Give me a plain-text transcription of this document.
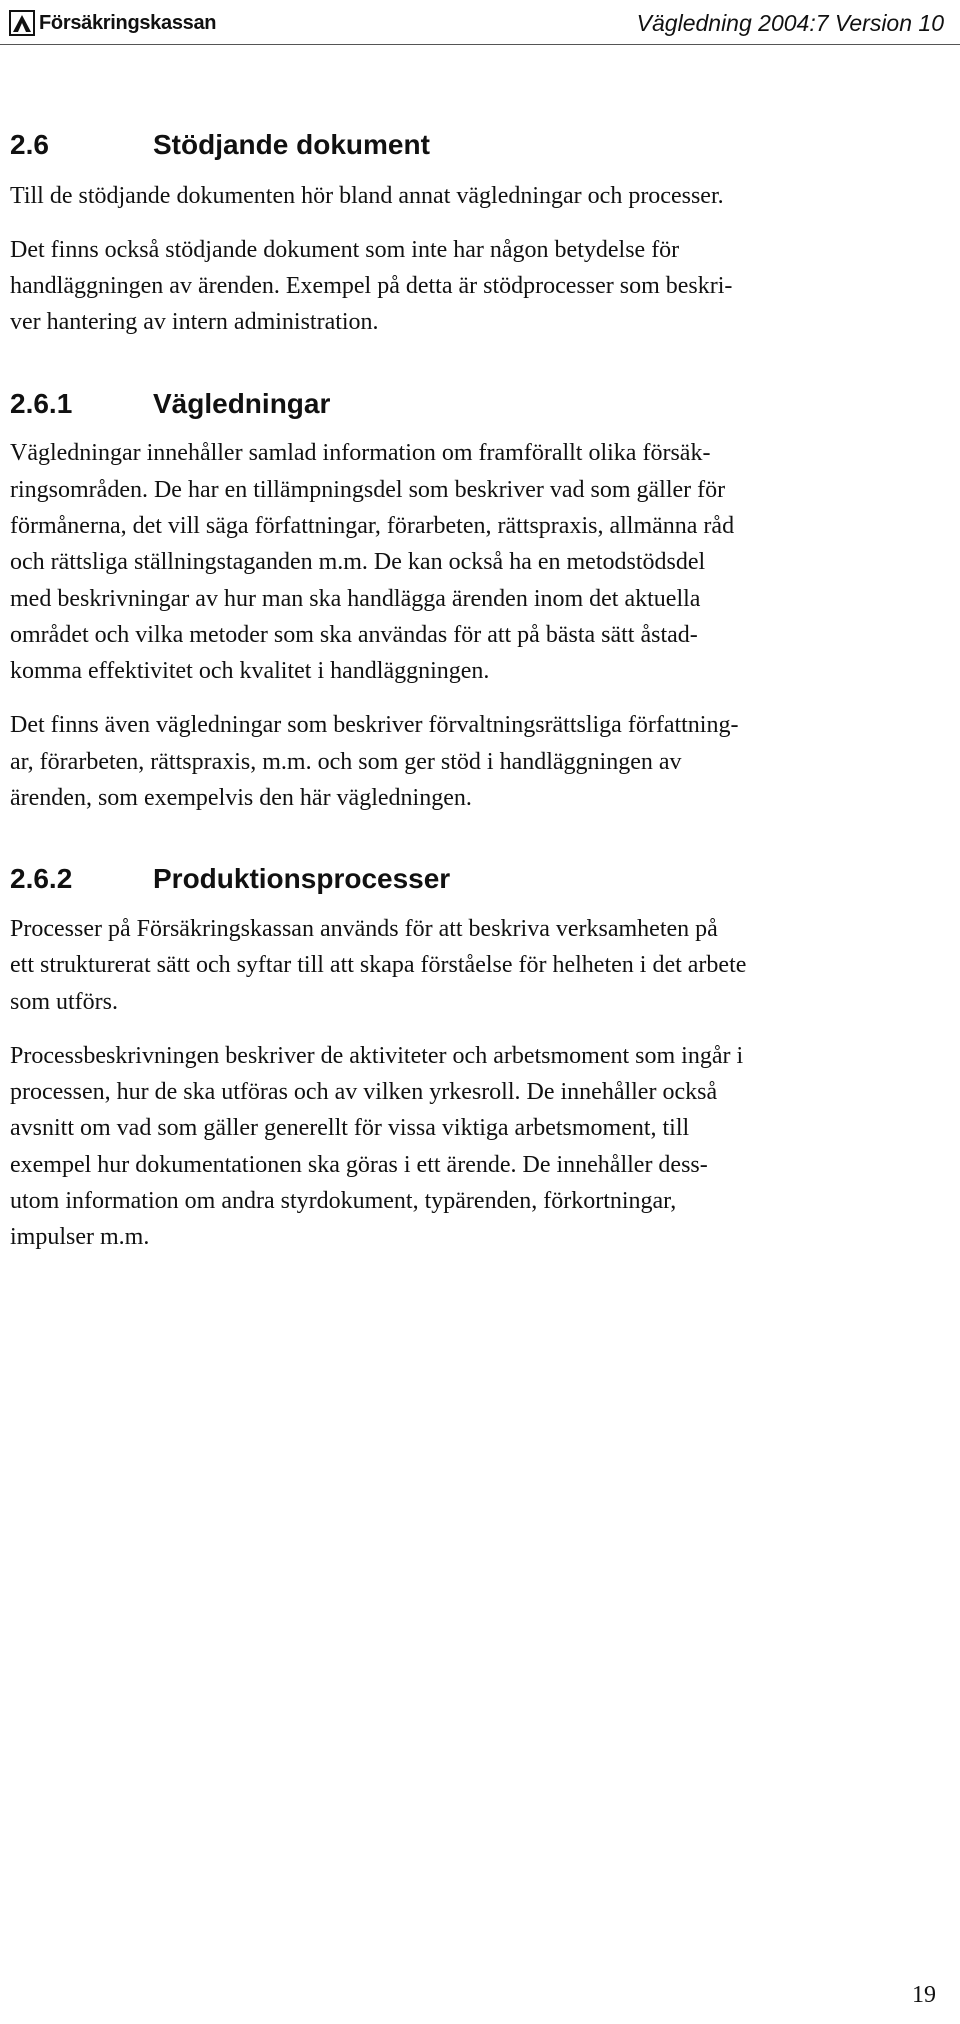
Försäkringskassan	Vägledning 2004:7 Version 10
2.6	Stödjande dokument

Till de stödjande dokumenten hör bland annat vägledningar och processer.

Det finns också stödjande dokument som inte har någon betydelse för
handläggningen av ärenden. Exempel på detta är stödprocesser som beskri-
ver hantering av intern administration.

2.6.1	Vägledningar

Vägledningar innehåller samlad information om framförallt olika försäk-
ringsområden. De har en tillämpningsdel som beskriver vad som gäller för
förmånerna, det vill säga författningar, förarbeten, rättspraxis, allmänna råd
och rättsliga ställningstaganden m.m. De kan också ha en metodstödsdel
med beskrivningar av hur man ska handlägga ärenden inom det aktuella
området och vilka metoder som ska användas för att på bästa sätt åstad-
komma effektivitet och kvalitet i handläggningen.

Det finns även vägledningar som beskriver förvaltningsrättsliga författning-
ar, förarbeten, rättspraxis, m.m. och som ger stöd i handläggningen av
ärenden, som exempelvis den här vägledningen.

2.6.2	Produktionsprocesser

Processer på Försäkringskassan används för att beskriva verksamheten på
ett strukturerat sätt och syftar till att skapa förståelse för helheten i det arbete
som utförs.

Processbeskrivningen beskriver de aktiviteter och arbetsmoment som ingår i
processen, hur de ska utföras och av vilken yrkesroll. De innehåller också
avsnitt om vad som gäller generellt för vissa viktiga arbetsmoment, till
exempel hur dokumentationen ska göras i ett ärende. De innehåller dess-
utom information om andra styrdokument, typärenden, förkortningar,
impulser m.m.

19
